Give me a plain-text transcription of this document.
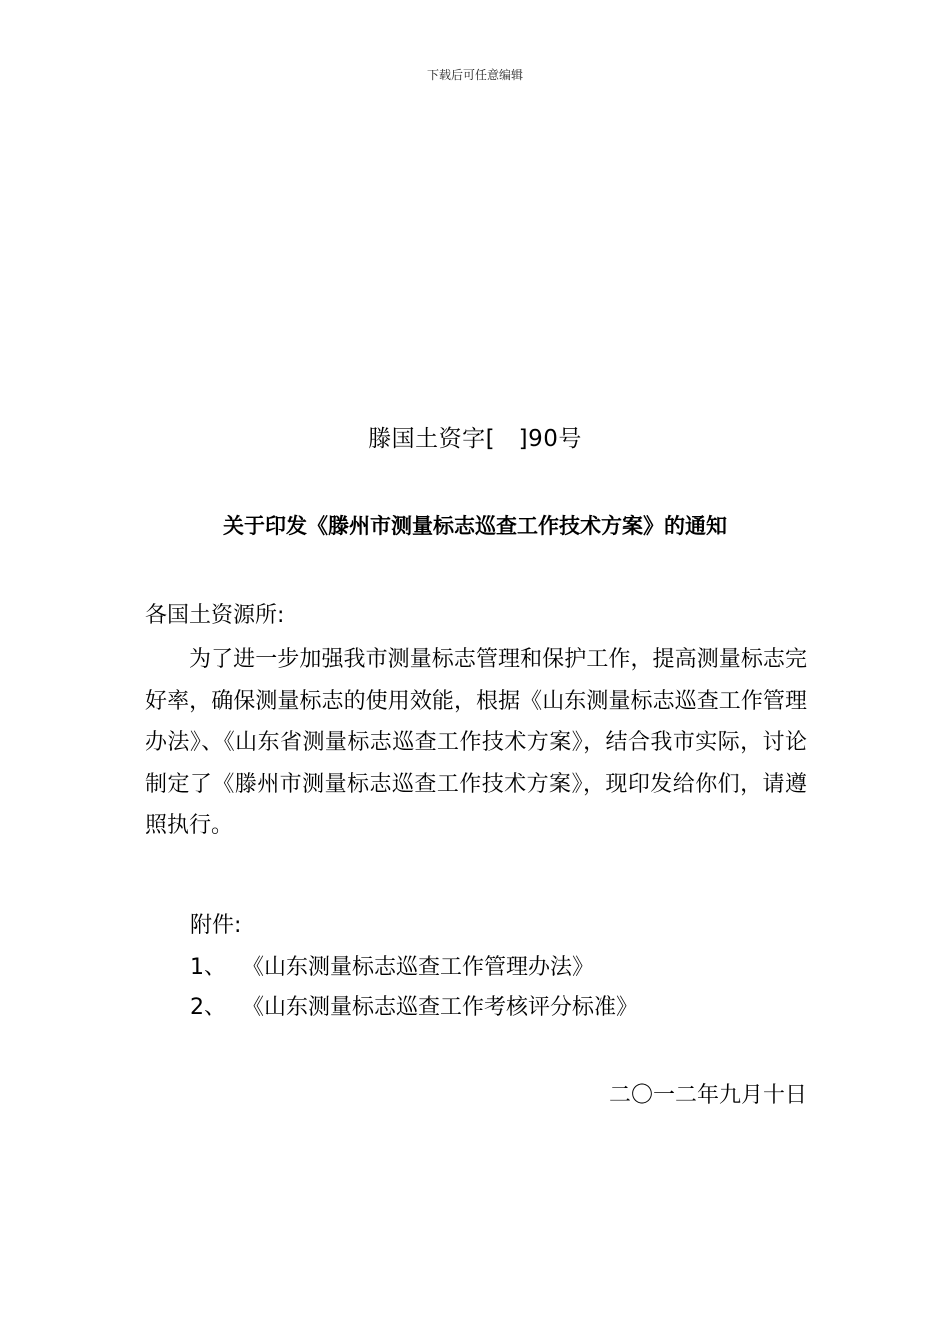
下载后可任意编辑
滕国土资字[　]90号
关于印发《滕州市测量标志巡查工作技术方案》的通知
各国土资源所:

为了进一步加强我市测量标志管理和保护工作，提高测量标志完好率，确保测量标志的使用效能，根据《山东测量标志巡查工作管理办法》、《山东省测量标志巡查工作技术方案》，结合我市实际，讨论制定了《滕州市测量标志巡查工作技术方案》，现印发给你们，请遵照执行。

附件:
1、 《山东测量标志巡查工作管理办法》
2、 《山东测量标志巡查工作考核评分标准》
二〇一二年九月十日
